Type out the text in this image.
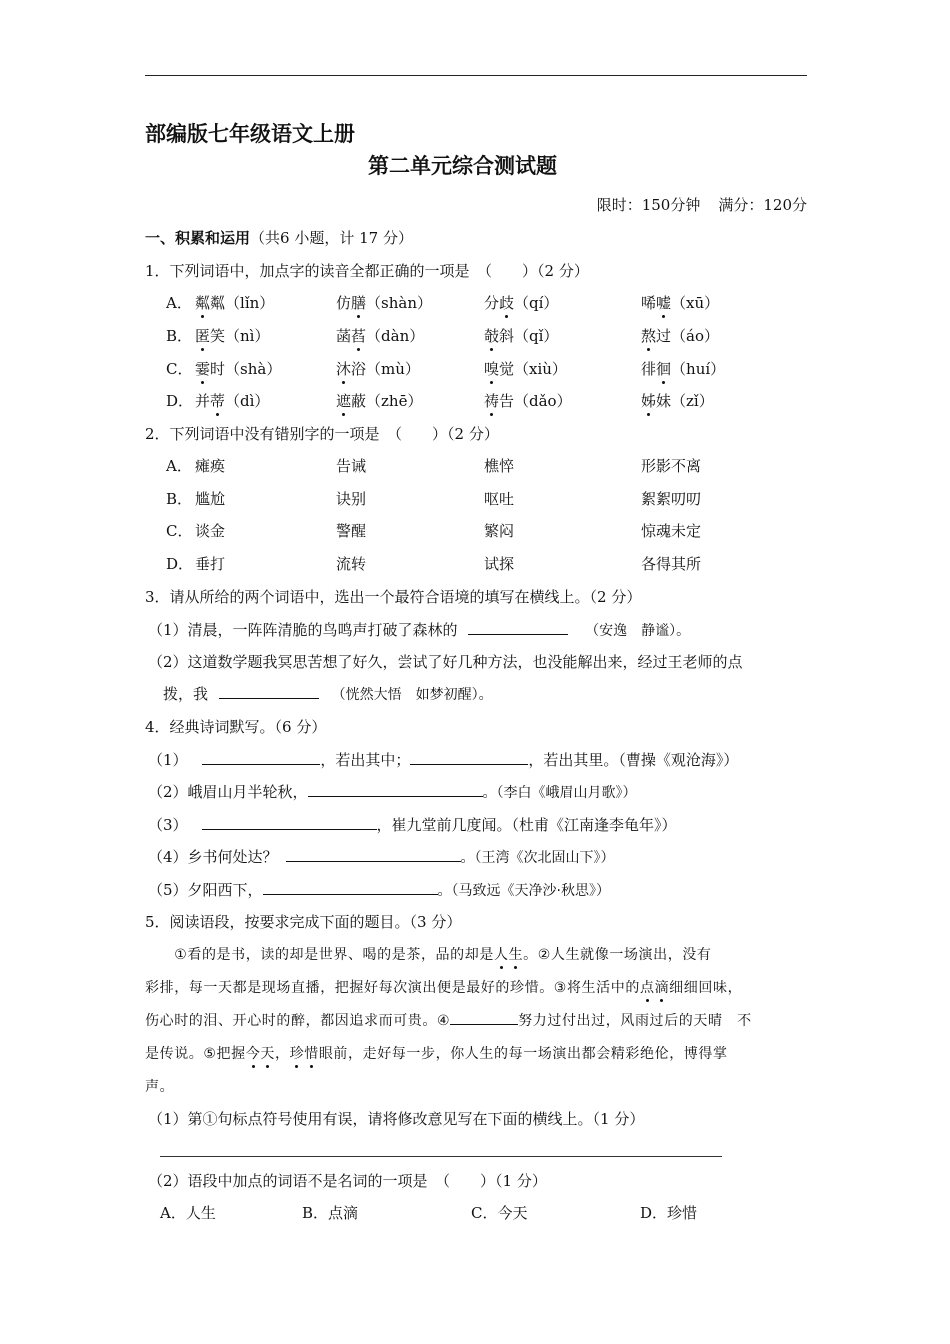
部编版七年级语文上册
第二单元综合测试题
限时：150分钟 满分：120分
一、积累和运用（共6 小题，计 17 分）
1．下列词语中，加点字的读音全都正确的一项是　（　　）（2 分）
A． 粼粼（lǐn）	仿膳（shàn）	分歧（qí）	唏嘘（xū）
B． 匿笑（nì）	菡萏（dàn）	攲斜（qǐ）	熬过（áo）
C． 霎时（shà）	沐浴（mù）	嗅觉（xiù）	徘徊（huí）
D． 并蒂（dì）	遮蔽（zhē）	祷告（dǎo）	姊妹（zǐ）
2．下列词语中没有错别字的一项是　（　　）（2 分）
A． 瘫痪	告诫	樵悴	形影不离
B． 尴尬	诀别	呕吐	絮絮叨叨
C． 谈金	警醒	繁闷	惊魂未定
D． 垂打	流转	试探	各得其所
3．请从所给的两个词语中，选出一个最符合语境的填写在横线上。（2 分）
（1）清晨，一阵阵清脆的鸟鸣声打破了森林的	（安逸　静谧）。
（2）这道数学题我冥思苦想了好久，尝试了好几种方法，也没能解出来，经过王老师的点
拨，我	（恍然大悟　如梦初醒）。
4．经典诗词默写。（6 分）
（1）	，若出其中；	，若出其里。（曹操《观沧海》）
（2）峨眉山月半轮秋，	。（李白《峨眉山月歌》）
（3）	，崔九堂前几度闻。（杜甫《江南逢李龟年》）
（4）乡书何处达？	。（王湾《次北固山下》）
（5）夕阳西下，	。（马致远《天净沙·秋思》）
5．阅读语段，按要求完成下面的题目。（3 分）
　　①看的是书，读的却是世界、喝的是茶，品的却是人生。②人生就像一场演出，没有
彩排，每一天都是现场直播，把握好每次演出便是最好的珍惜。③将生活中的点滴细细回味，
伤心时的泪、开心时的醉，都因追求而可贵。④	努力过付出过，风雨过后的天晴　不
是传说。⑤把握今天，珍惜眼前，走好每一步，你人生的每一场演出都会精彩绝伦，博得掌
声。
（1）第①句标点符号使用有误，请将修改意见写在下面的横线上。（1 分）
（2）语段中加点的词语不是名词的一项是　（　　）（1 分）
A．人生	B．点滴	C．今天	D．珍惜
